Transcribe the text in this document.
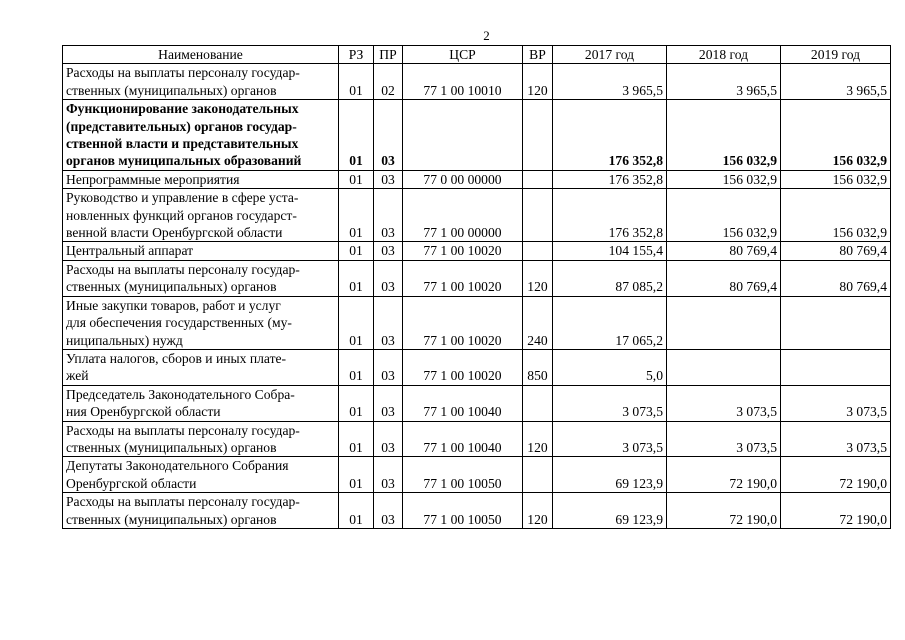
2
Наименование	РЗ	ПР	ЦСР	ВР	2017 год	2018 год	2019 год
Расходы на выплаты персоналу государ-
ственных (муниципальных) органов	01	02	77 1 00 10010	120	3 965,5	3 965,5	3 965,5
Функционирование законодательных
(представительных) органов государ-
ственной власти и представительных
органов муниципальных образований	01	03			176 352,8	156 032,9	156 032,9
Непрограммные мероприятия	01	03	77 0 00 00000		176 352,8	156 032,9	156 032,9
Руководство и управление в сфере уста-
новленных функций органов государст-
венной власти Оренбургской области	01	03	77 1 00 00000		176 352,8	156 032,9	156 032,9
Центральный аппарат	01	03	77 1 00 10020		104 155,4	80 769,4	80 769,4
Расходы на выплаты персоналу государ-
ственных (муниципальных) органов	01	03	77 1 00 10020	120	87 085,2	80 769,4	80 769,4
Иные закупки товаров, работ и услуг
для обеспечения государственных (му-
ниципальных) нужд	01	03	77 1 00 10020	240	17 065,2		
Уплата налогов, сборов и иных плате-
жей	01	03	77 1 00 10020	850	5,0		
Председатель Законодательного Собра-
ния Оренбургской области	01	03	77 1 00 10040		3 073,5	3 073,5	3 073,5
Расходы на выплаты персоналу государ-
ственных (муниципальных) органов	01	03	77 1 00 10040	120	3 073,5	3 073,5	3 073,5
Депутаты Законодательного Собрания
Оренбургской области	01	03	77 1 00 10050		69 123,9	72 190,0	72 190,0
Расходы на выплаты персоналу государ-
ственных (муниципальных) органов	01	03	77 1 00 10050	120	69 123,9	72 190,0	72 190,0
